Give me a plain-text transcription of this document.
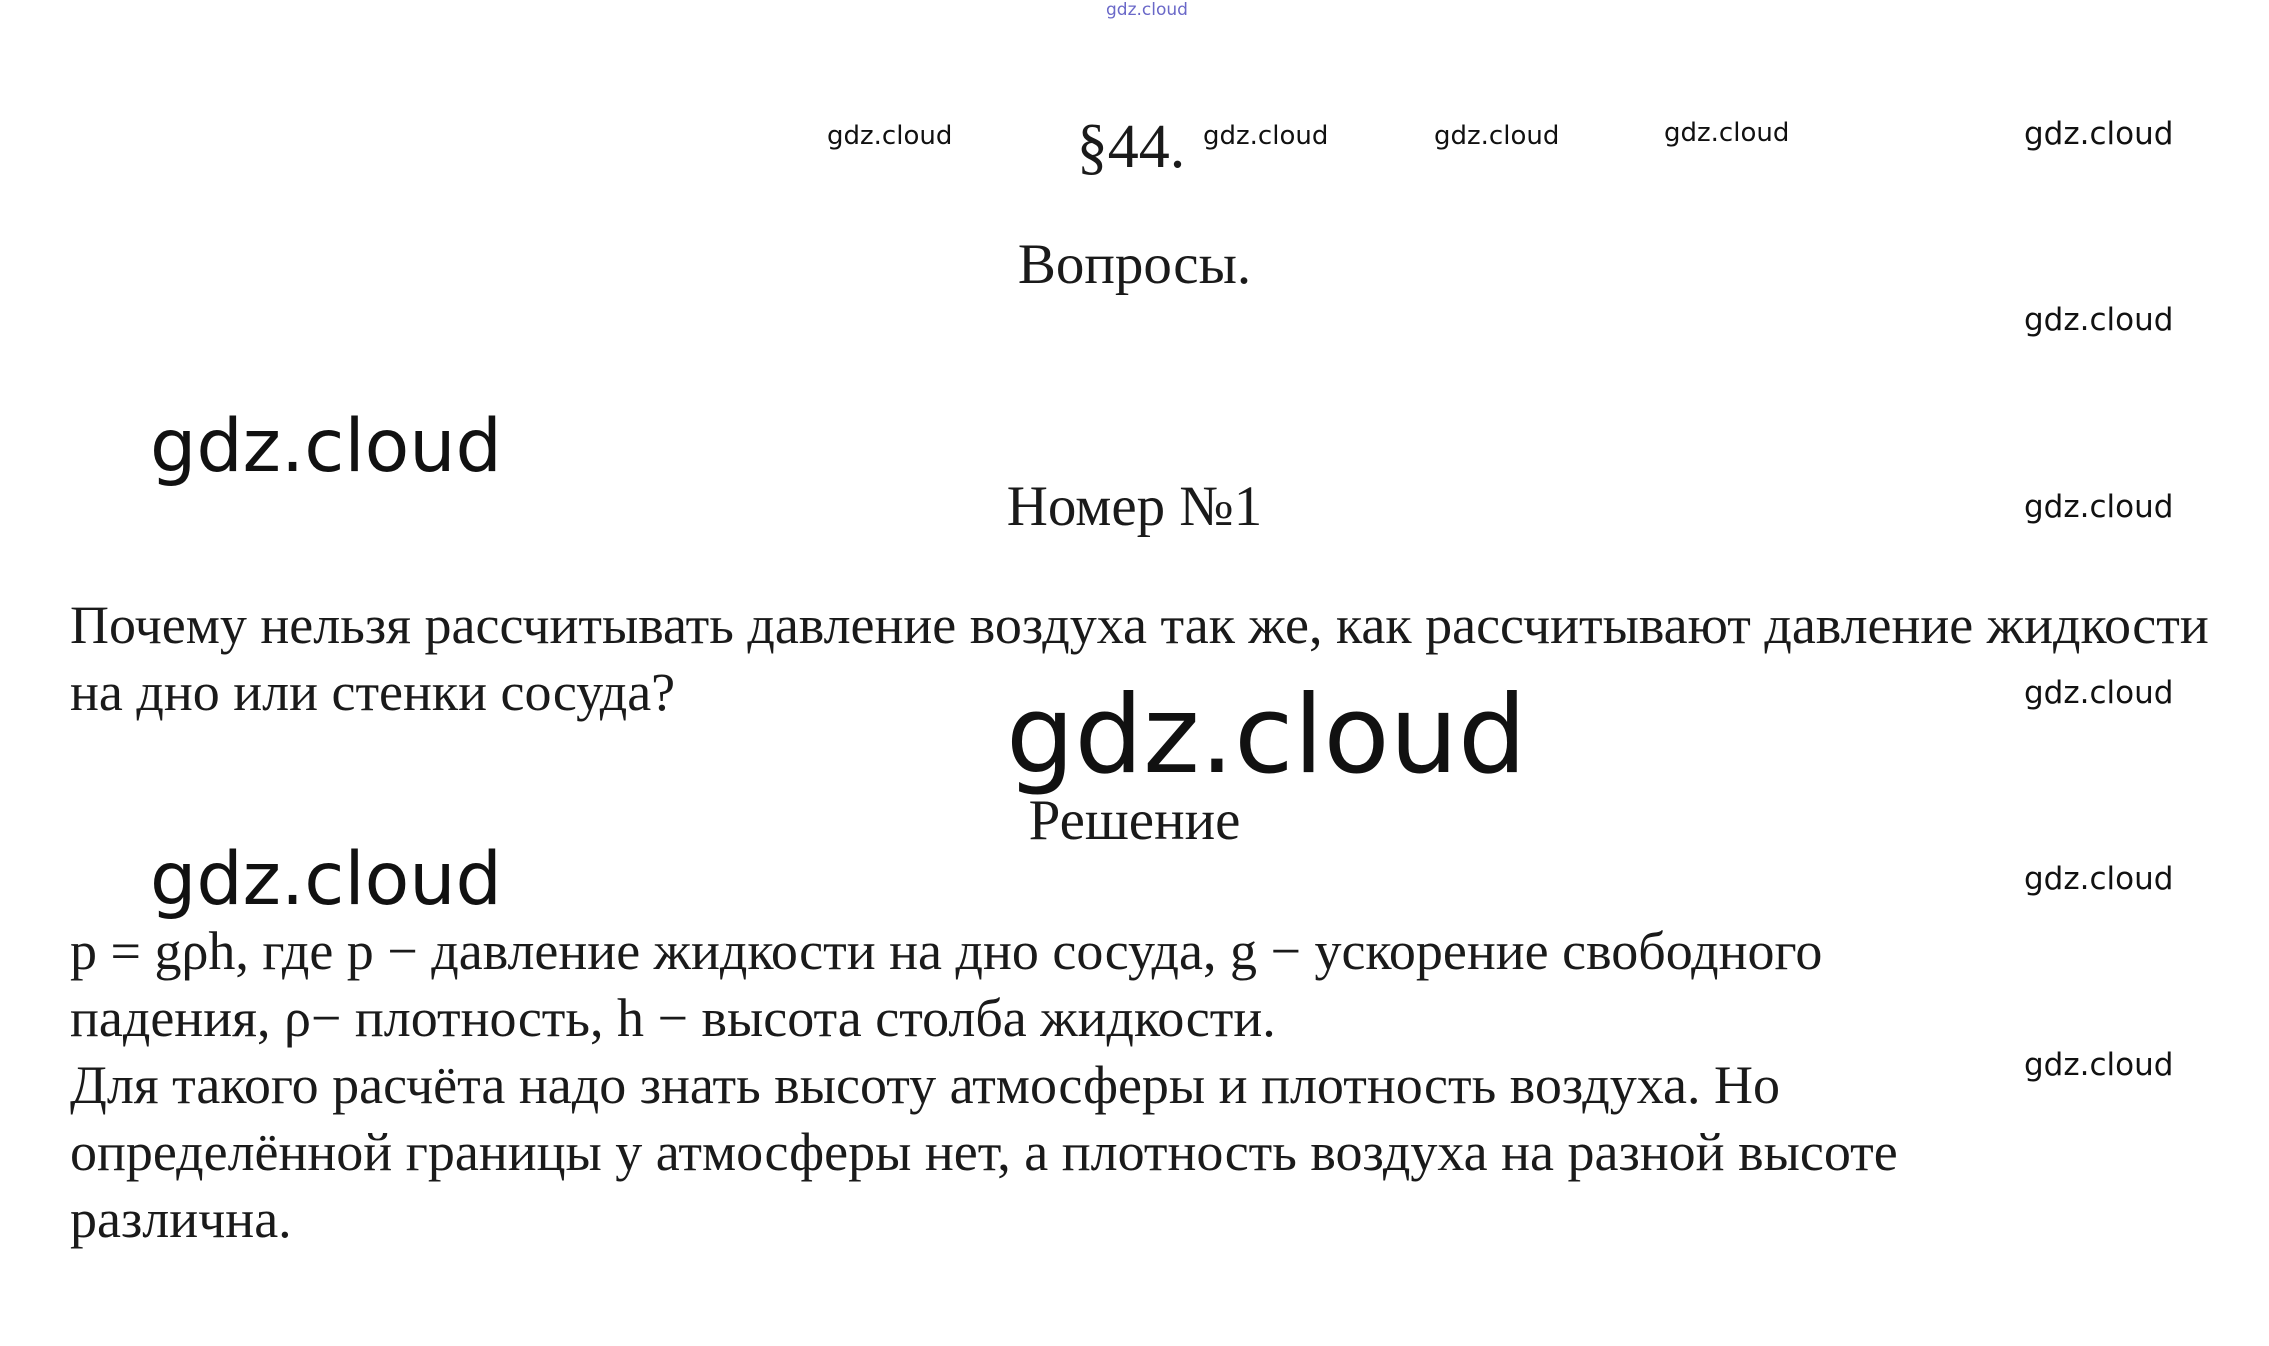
gdz.cloud
§44.
Вопросы.
Номер №1

Почему нельзя рассчитывать давление воздуха так же, как рассчитывают давление жидкости на дно или стенки сосуда?

Решение
p = gρh, где p − давление жидкости на дно сосуда, g − ускорение свободного
падения, ρ− плотность, h − высота столба жидкости.
Для такого расчёта надо знать высоту атмосферы и плотность воздуха. Но
определённой границы у атмосферы нет, а плотность воздуха на разной высоте
различна.
gdz.cloud	gdz.cloud	gdz.cloud	gdz.cloud	gdz.cloud
gdz.cloud
gdz.cloud
gdz.cloud
gdz.cloud
gdz.cloud
gdz.cloud
gdz.cloud
gdz.cloud
